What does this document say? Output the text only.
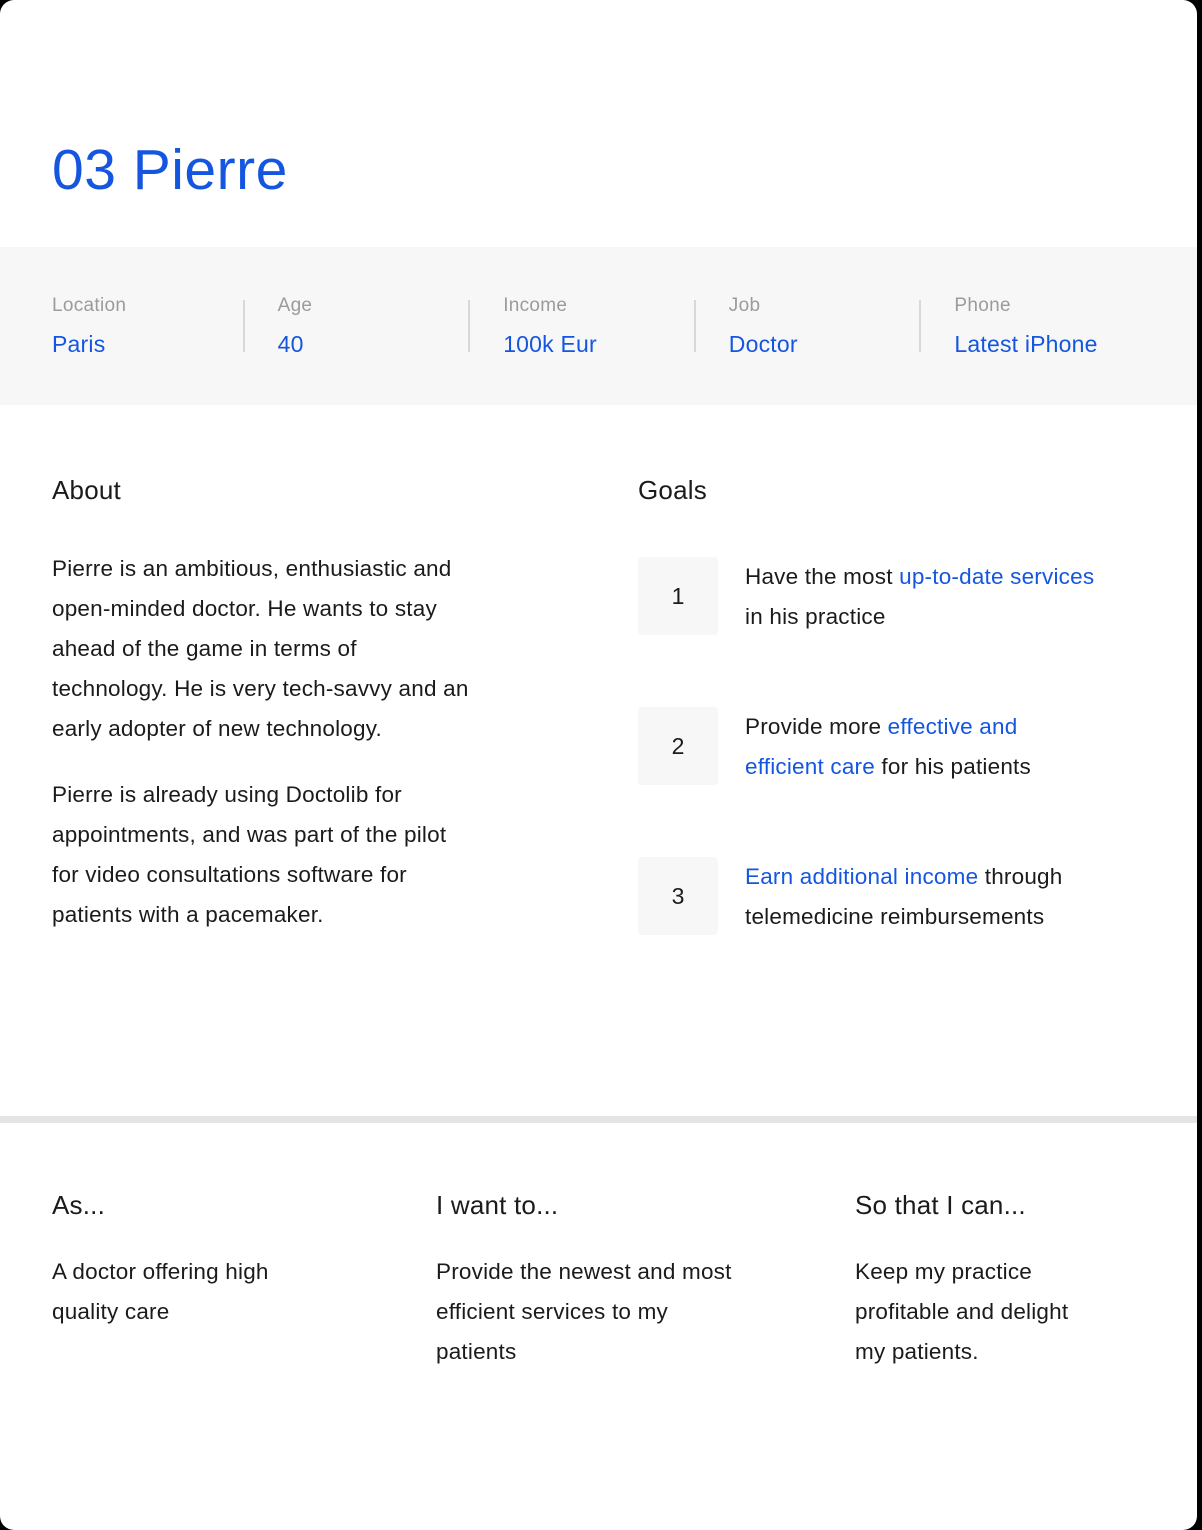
03 Pierre
Location
Paris
Age
40
Income
100k Eur
Job
Doctor
Phone
Latest iPhone
About
Pierre is an ambitious, enthusiastic and
open-minded doctor. He wants to stay
ahead of the game in terms of
technology. He is very tech-savvy and an
early adopter of new technology.
Pierre is already using Doctolib for
appointments, and was part of the pilot
for video consultations software for
patients with a pacemaker.
Goals
1
Have the most up-to-date services
in his practice
2
Provide more effective and
efficient care for his patients
3
Earn additional income through
telemedicine reimbursements
As...
A doctor offering high
quality care
I want to...
Provide the newest and most
efficient services to my
patients
So that I can...
Keep my practice
profitable and delight
my patients.
